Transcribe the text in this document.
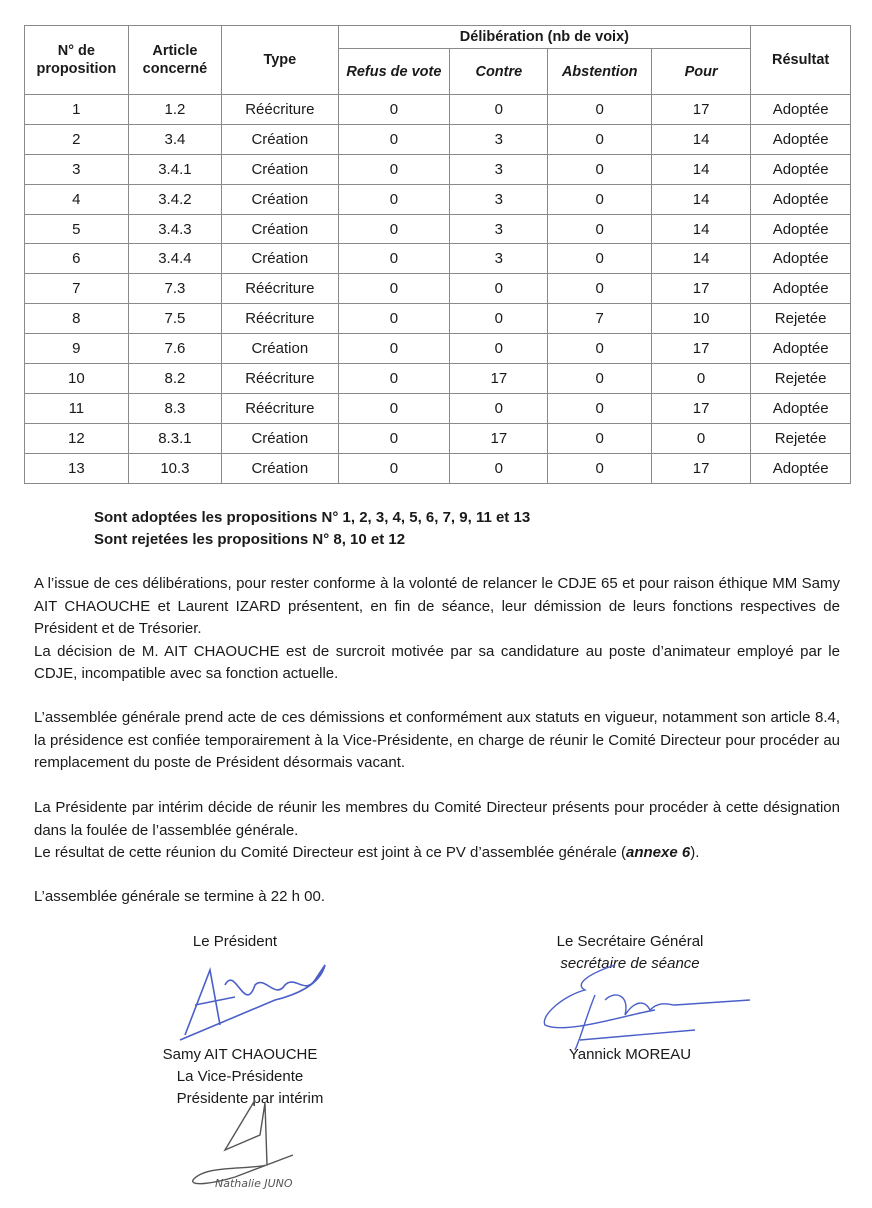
N° de proposition	Article concerné	Type	Délibération (nb de voix)				Résultat
			Refus de vote	Contre	Abstention	Pour	
1	1.2	Réécriture	0	0	0	17	Adoptée
2	3.4	Création	0	3	0	14	Adoptée
3	3.4.1	Création	0	3	0	14	Adoptée
4	3.4.2	Création	0	3	0	14	Adoptée
5	3.4.3	Création	0	3	0	14	Adoptée
6	3.4.4	Création	0	3	0	14	Adoptée
7	7.3	Réécriture	0	0	0	17	Adoptée
8	7.5	Réécriture	0	0	7	10	Rejetée
9	7.6	Création	0	0	0	17	Adoptée
10	8.2	Réécriture	0	17	0	0	Rejetée
11	8.3	Réécriture	0	0	0	17	Adoptée
12	8.3.1	Création	0	17	0	0	Rejetée
13	10.3	Création	0	0	0	17	Adoptée
Sont adoptées les propositions N° 1, 2, 3, 4, 5, 6, 7, 9, 11 et 13
Sont rejetées les propositions N° 8, 10 et 12

A l’issue de ces délibérations, pour rester conforme à la volonté de relancer le CDJE 65 et pour raison éthique MM Samy AIT CHAOUCHE et Laurent IZARD présentent, en fin de séance, leur démission de leurs fonctions respectives de Président et de Trésorier.

La décision de M. AIT CHAOUCHE est de surcroit motivée par sa candidature au poste d’animateur employé par le CDJE, incompatible avec sa fonction actuelle.

L’assemblée générale prend acte de ces démissions et conformément aux statuts en vigueur, notamment son article 8.4, la présidence est confiée temporairement à la Vice-Présidente, en charge de réunir le Comité Directeur pour procéder au remplacement du poste de Président désormais vacant.

La Présidente par intérim décide de réunir les membres du Comité Directeur présents pour procéder à cette désignation dans la foulée de l’assemblée générale.

Le résultat de cette réunion du Comité Directeur est joint à ce PV d’assemblée générale (annexe 6).

L’assemblée générale se termine à 22 h 00.

Le Président
Samy AIT CHAOUCHE
La Vice-Présidente
Présidente par intérim
Nathalie JUNO
Le Secrétaire Général
secrétaire de séance
Yannick MOREAU
